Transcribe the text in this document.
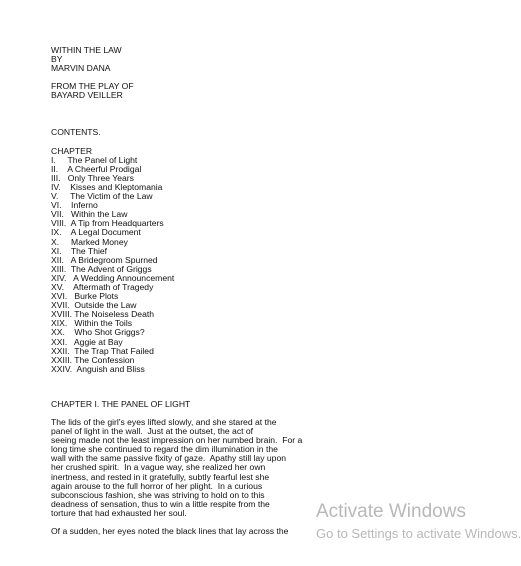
WITHIN THE LAW
BY
MARVIN DANA
FROM THE PLAY OF
BAYARD VEILLER
CONTENTS.
CHAPTER
I.     The Panel of Light
II.    A Cheerful Prodigal
III.   Only Three Years
IV.    Kisses and Kleptomania
V.     The Victim of the Law
VI.    Inferno
VII.   Within the Law
VIII.  A Tip from Headquarters
IX.    A Legal Document
X.     Marked Money
XI.    The Thief
XII.   A Bridegroom Spurned
XIII.  The Advent of Griggs
XIV.   A Wedding Announcement
XV.    Aftermath of Tragedy
XVI.   Burke Plots
XVII.  Outside the Law
XVIII. The Noiseless Death
XIX.   Within the Toils
XX.    Who Shot Griggs?
XXI.   Aggie at Bay
XXII.  The Trap That Failed
XXIII. The Confession
XXIV.  Anguish and Bliss
CHAPTER I. THE PANEL OF LIGHT
The lids of the girl's eyes lifted slowly, and she stared at the
panel of light in the wall.  Just at the outset, the act of
seeing made not the least impression on her numbed brain.  For a
long time she continued to regard the dim illumination in the
wall with the same passive fixity of gaze.  Apathy still lay upon
her crushed spirit.  In a vague way, she realized her own
inertness, and rested in it gratefully, subtly fearful lest she
again arouse to the full horror of her plight.  In a curious
subconscious fashion, she was striving to hold on to this
deadness of sensation, thus to win a little respite from the
torture that had exhausted her soul.
Of a sudden, her eyes noted the black lines that lay across the
Activate Windows
Go to Settings to activate Windows.
